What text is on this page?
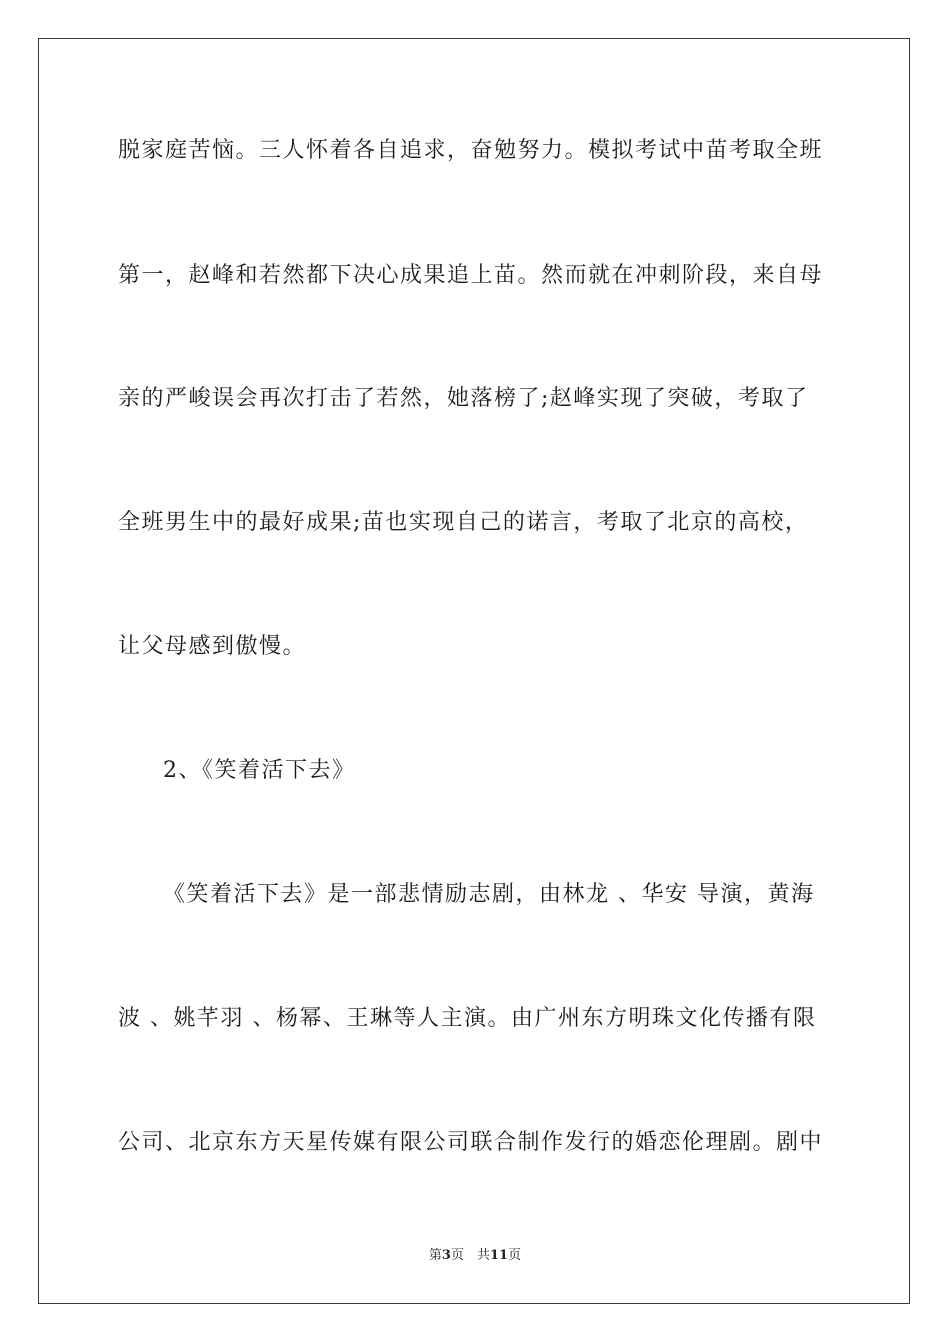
脱家庭苦恼。三人怀着各自追求，奋勉努力。模拟考试中苗考取全班
第一，赵峰和若然都下决心成果追上苗。然而就在冲刺阶段，来自母
亲的严峻误会再次打击了若然，她落榜了;赵峰实现了突破，考取了
全班男生中的最好成果;苗也实现自己的诺言，考取了北京的高校，
让父母感到傲慢。
2、《笑着活下去》
《笑着活下去》是一部悲情励志剧，由林龙 、华安 导演，黄海
波 、姚芊羽 、杨幂、王琳等人主演。由广州东方明珠文化传播有限
公司、北京东方天星传媒有限公司联合制作发行的婚恋伦理剧。剧中
第3页　共11页
